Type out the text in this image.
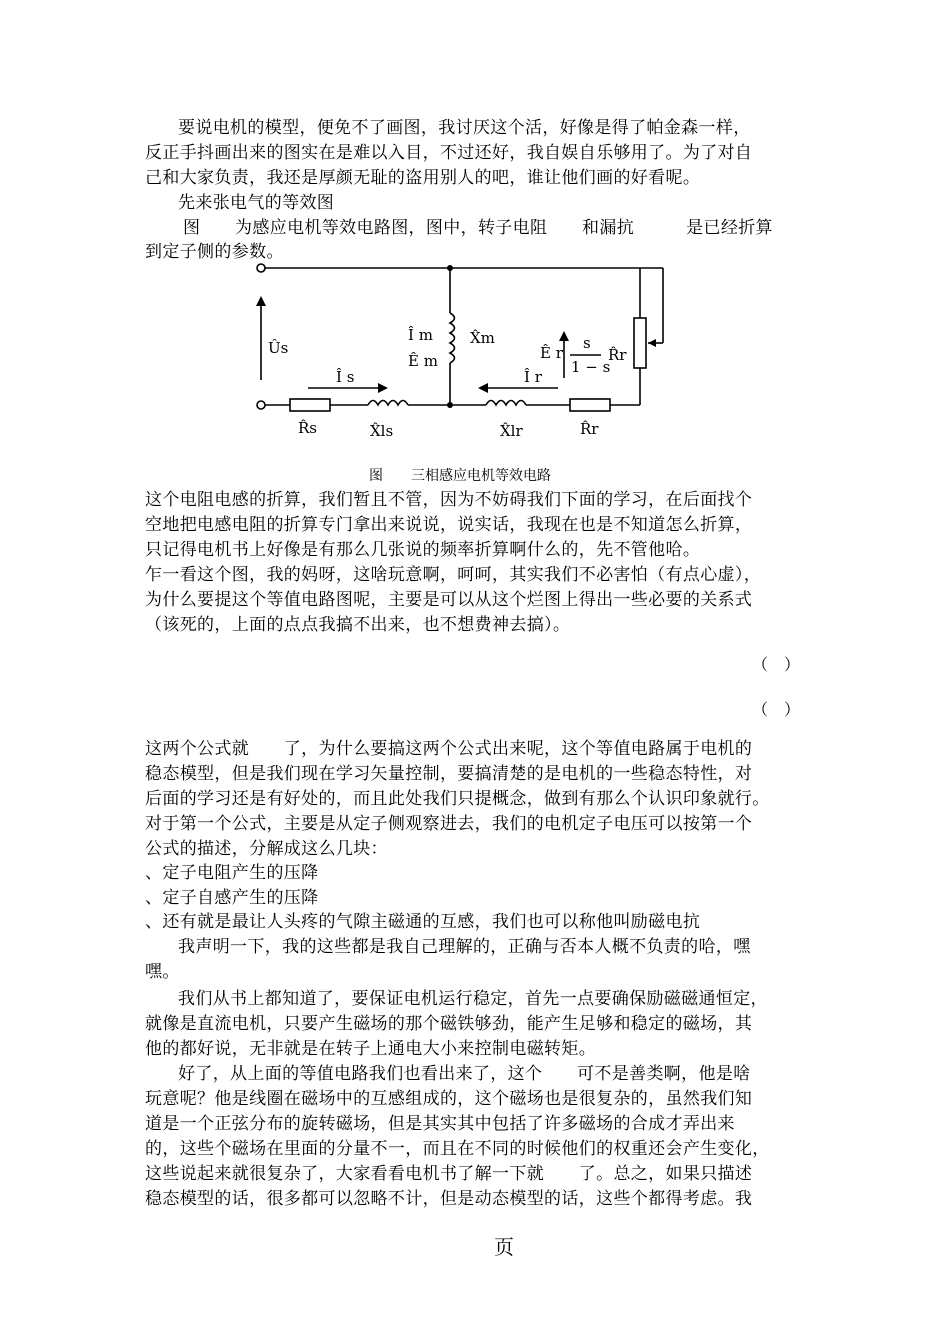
要说电机的模型，便免不了画图，我讨厌这个活，好像是得了帕金森一样，
反正手抖画出来的图实在是难以入目，不过还好，我自娱自乐够用了。为了对自
己和大家负责，我还是厚颜无耻的盗用别人的吧，谁让他们画的好看呢。
先来张电气的等效图
图　　为感应电机等效电路图，图中，转子电阻　　和漏抗　　　是已经折算
到定子侧的参数。
Ûs
Î s
R̂s	X̂ls
Î m
Ê m
X̂m
Î r
Ê r
X̂lr	R̂r
s
1 − s
R̂r
图　　三相感应电机等效电路
这个电阻电感的折算，我们暂且不管，因为不妨碍我们下面的学习，在后面找个
空地把电感电阻的折算专门拿出来说说，说实话，我现在也是不知道怎么折算，
只记得电机书上好像是有那么几张说的频率折算啊什么的，先不管他哈。
乍一看这个图，我的妈呀，这啥玩意啊，呵呵，其实我们不必害怕（有点心虚），
为什么要提这个等值电路图呢，主要是可以从这个烂图上得出一些必要的关系式
（该死的，上面的点点我搞不出来，也不想费神去搞）。
（　）
（　）
这两个公式就　　了，为什么要搞这两个公式出来呢，这个等值电路属于电机的
稳态模型，但是我们现在学习矢量控制，要搞清楚的是电机的一些稳态特性，对
后面的学习还是有好处的，而且此处我们只提概念，做到有那么个认识印象就行。
对于第一个公式，主要是从定子侧观察进去，我们的电机定子电压可以按第一个
公式的描述，分解成这么几块：
、定子电阻产生的压降
、定子自感产生的压降
、还有就是最让人头疼的气隙主磁通的互感，我们也可以称他叫励磁电抗
我声明一下，我的这些都是我自己理解的，正确与否本人概不负责的哈，嘿
嘿。
我们从书上都知道了，要保证电机运行稳定，首先一点要确保励磁磁通恒定，
就像是直流电机，只要产生磁场的那个磁铁够劲，能产生足够和稳定的磁场，其
他的都好说，无非就是在转子上通电大小来控制电磁转矩。
好了，从上面的等值电路我们也看出来了，这个　　可不是善类啊，他是啥
玩意呢？他是线圈在磁场中的互感组成的，这个磁场也是很复杂的，虽然我们知
道是一个正弦分布的旋转磁场，但是其实其中包括了许多磁场的合成才弄出来
的，这些个磁场在里面的分量不一，而且在不同的时候他们的权重还会产生变化，
这些说起来就很复杂了，大家看看电机书了解一下就　　了。总之，如果只描述
稳态模型的话，很多都可以忽略不计，但是动态模型的话，这些个都得考虑。我
页
